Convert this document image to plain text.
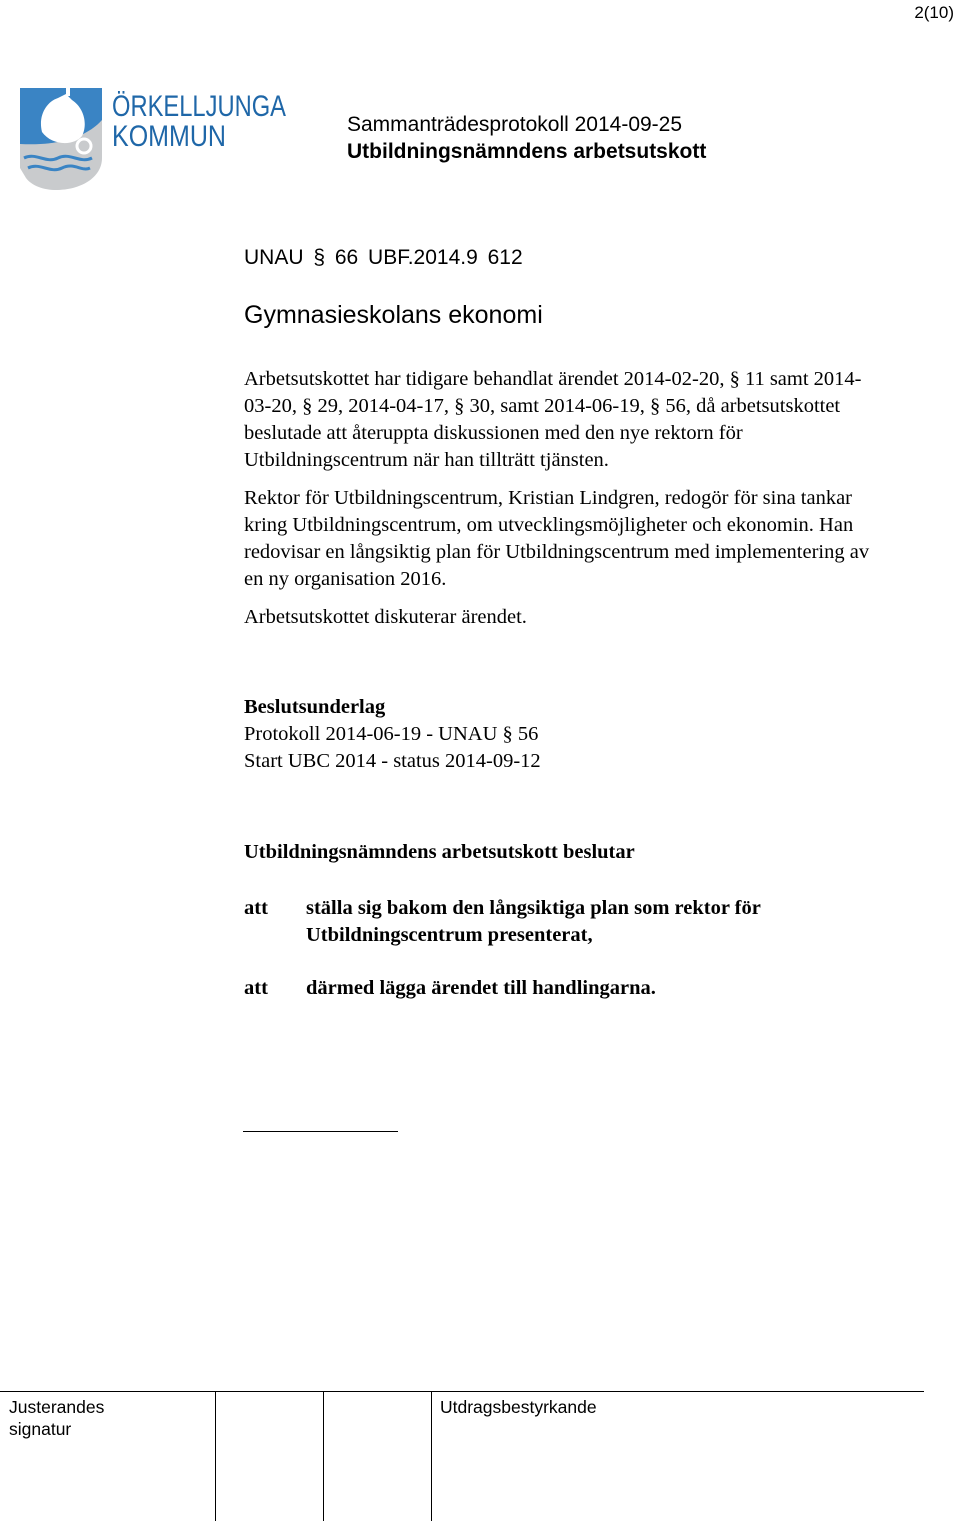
2(10)
ÖRKELLJUNGA
KOMMUN	Sammanträdesprotokoll 2014-09-25
Utbildningsnämndens arbetsutskott
UNAU § 66 UBF.2014.9 612
Gymnasieskolans ekonomi

Arbetsutskottet har tidigare behandlat ärendet 2014-02-20, § 11 samt 2014-03-20, § 29, 2014-04-17, § 30, samt 2014-06-19, § 56, då arbetsutskottet beslutade att återuppta diskussionen med den nye rektorn för Utbildningscentrum när han tillträtt tjänsten.

Rektor för Utbildningscentrum, Kristian Lindgren, redogör för sina tankar kring Utbildningscentrum, om utvecklingsmöjligheter och ekonomin. Han redovisar en långsiktig plan för Utbildningscentrum med implementering av en ny organisation 2016.

Arbetsutskottet diskuterar ärendet.

Beslutsunderlag
Protokoll 2014-06-19 - UNAU § 56
Start UBC 2014 - status 2014-09-12
Utbildningsnämndens arbetsutskott beslutar
att ställa sig bakom den långsiktiga plan som rektor för Utbildningscentrum presenterat,
att därmed lägga ärendet till handlingarna.
Justerandes signatur
Utdragsbestyrkande
